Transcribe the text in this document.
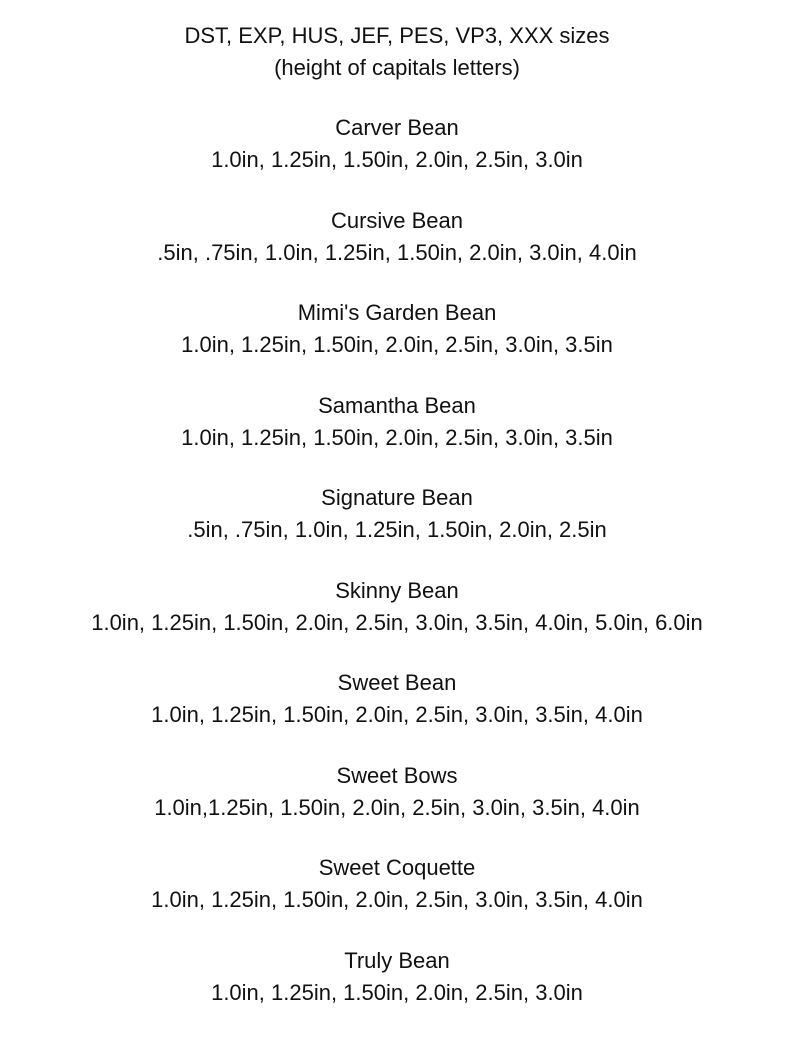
DST, EXP, HUS, JEF, PES, VP3, XXX sizes
(height of capitals letters)
Carver Bean
1.0in, 1.25in, 1.50in, 2.0in, 2.5in, 3.0in
Cursive Bean
.5in, .75in, 1.0in, 1.25in, 1.50in, 2.0in, 3.0in, 4.0in
Mimi's Garden Bean
1.0in, 1.25in, 1.50in, 2.0in, 2.5in, 3.0in, 3.5in
Samantha Bean
1.0in, 1.25in, 1.50in, 2.0in, 2.5in, 3.0in, 3.5in
Signature Bean
.5in, .75in, 1.0in, 1.25in, 1.50in, 2.0in, 2.5in
Skinny Bean
1.0in, 1.25in, 1.50in, 2.0in, 2.5in, 3.0in, 3.5in, 4.0in, 5.0in, 6.0in
Sweet Bean
1.0in, 1.25in, 1.50in, 2.0in, 2.5in, 3.0in, 3.5in, 4.0in
Sweet Bows
1.0in,1.25in, 1.50in, 2.0in, 2.5in, 3.0in, 3.5in, 4.0in
Sweet Coquette
1.0in, 1.25in, 1.50in, 2.0in, 2.5in, 3.0in, 3.5in, 4.0in
Truly Bean
1.0in, 1.25in, 1.50in, 2.0in, 2.5in, 3.0in
